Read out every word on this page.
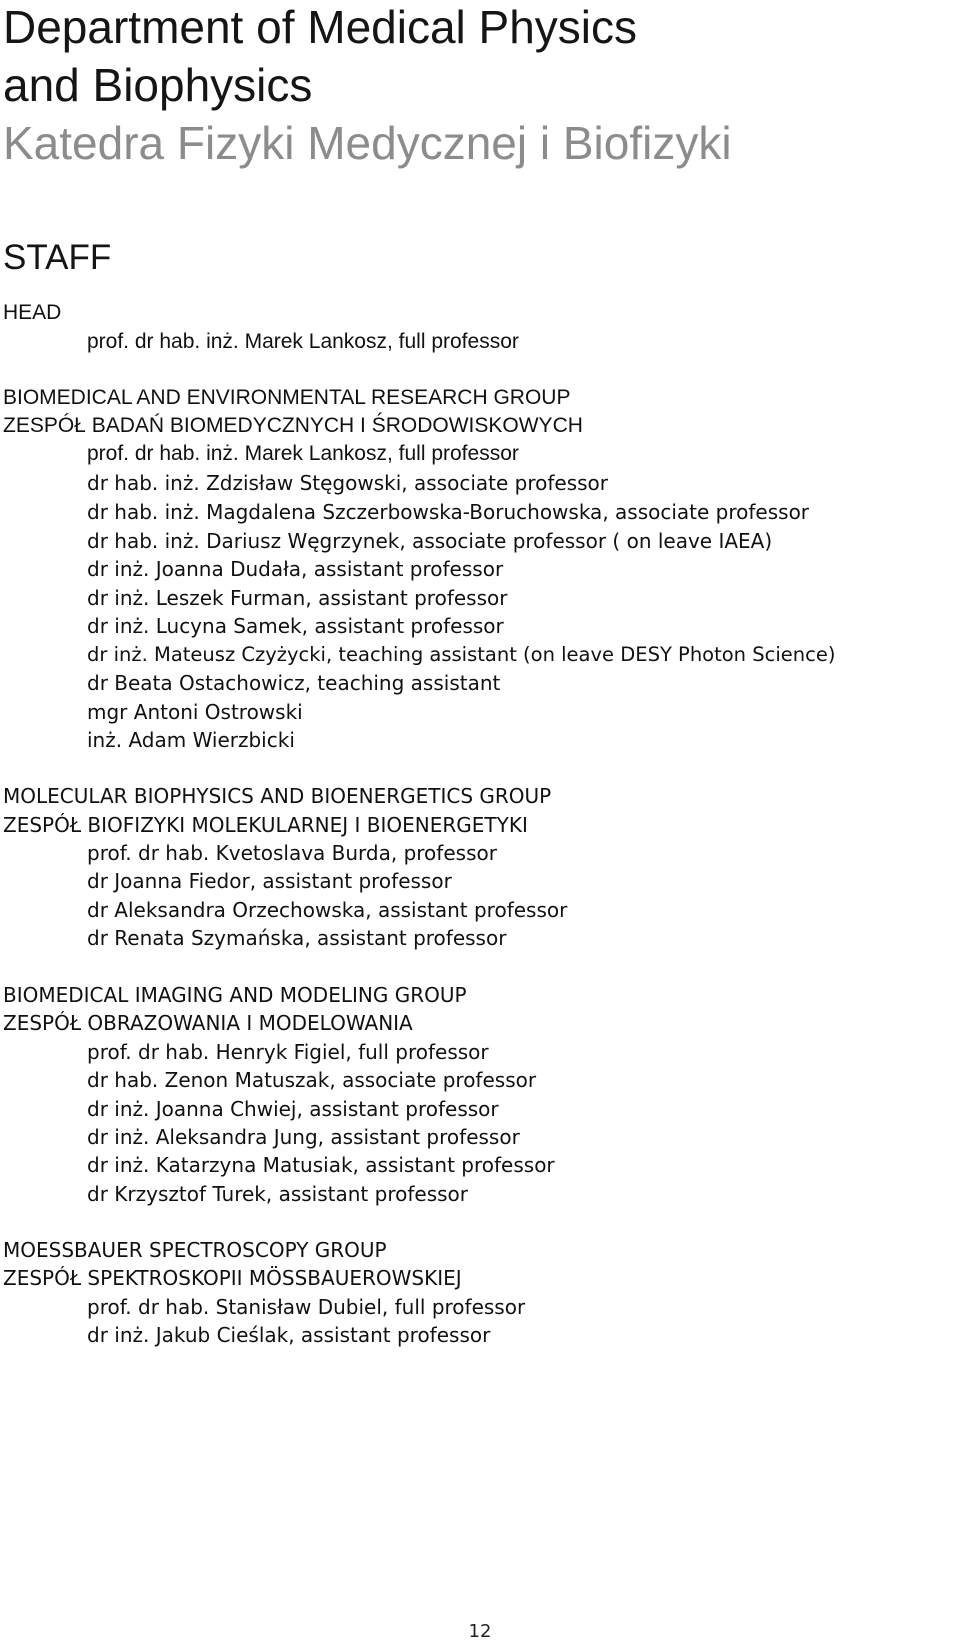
Department of Medical Physics
and Biophysics
Katedra Fizyki Medycznej i Biofizyki
STAFF
HEAD
prof. dr hab. inż. Marek Lankosz, full professor
BIOMEDICAL AND ENVIRONMENTAL RESEARCH GROUP
ZESPÓŁ BADAŃ BIOMEDYCZNYCH I ŚRODOWISKOWYCH
prof. dr hab. inż. Marek Lankosz, full professor
dr hab. inż. Zdzisław Stęgowski, associate professor
dr hab. inż. Magdalena Szczerbowska-Boruchowska, associate professor
dr hab. inż. Dariusz Węgrzynek, associate professor ( on leave IAEA)
dr inż. Joanna Dudała, assistant professor
dr inż. Leszek Furman, assistant professor
dr inż. Lucyna Samek, assistant professor
dr inż. Mateusz Czyżycki, teaching assistant (on leave DESY Photon Science)
dr Beata Ostachowicz, teaching assistant
mgr Antoni Ostrowski
inż. Adam Wierzbicki
MOLECULAR BIOPHYSICS AND BIOENERGETICS GROUP
ZESPÓŁ BIOFIZYKI MOLEKULARNEJ I BIOENERGETYKI
prof. dr hab. Kvetoslava Burda, professor
dr Joanna Fiedor, assistant professor
dr Aleksandra Orzechowska, assistant professor
dr Renata Szymańska, assistant professor
BIOMEDICAL IMAGING AND MODELING GROUP
ZESPÓŁ OBRAZOWANIA I MODELOWANIA
prof. dr hab. Henryk Figiel, full professor
dr hab. Zenon Matuszak, associate professor
dr inż. Joanna Chwiej, assistant professor
dr inż. Aleksandra Jung, assistant professor
dr inż. Katarzyna Matusiak, assistant professor
dr Krzysztof Turek, assistant professor
MOESSBAUER SPECTROSCOPY GROUP
ZESPÓŁ SPEKTROSKOPII MÖSSBAUEROWSKIEJ
prof. dr hab. Stanisław Dubiel, full professor
dr inż. Jakub Cieślak, assistant professor
12
